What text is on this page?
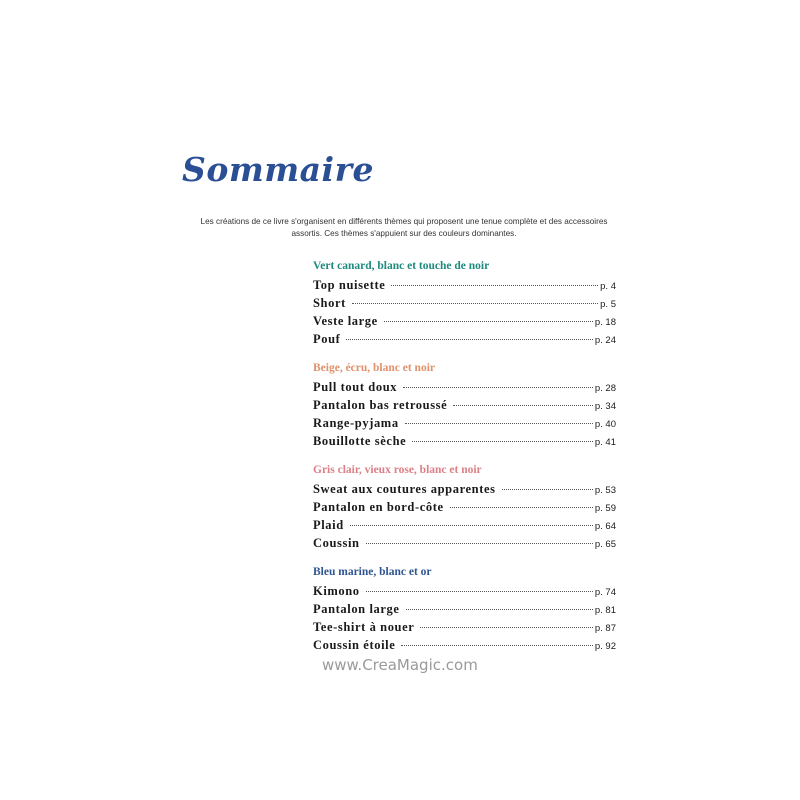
Sommaire

Les créations de ce livre s'organisent en différents thèmes qui proposent une tenue complète et des accessoires assortis. Ces thèmes s'appuient sur des couleurs dominantes.

Vert canard, blanc et touche de noir
Top nuisette	p. 4
Short	p. 5
Veste large	p. 18
Pouf	p. 24
Beige, écru, blanc et noir
Pull tout doux	p. 28
Pantalon bas retroussé	p. 34
Range-pyjama	p. 40
Bouillotte sèche	p. 41
Gris clair, vieux rose, blanc et noir
Sweat aux coutures apparentes	p. 53
Pantalon en bord-côte	p. 59
Plaid	p. 64
Coussin	p. 65
Bleu marine, blanc et or
Kimono	p. 74
Pantalon large	p. 81
Tee-shirt à nouer	p. 87
Coussin étoile	p. 92
www.CreaMagic.com
